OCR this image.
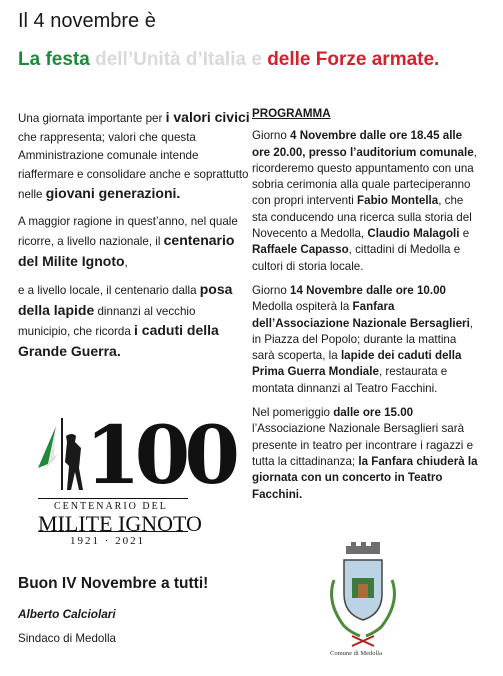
Il 4 novembre è
La festa dell’Unità d’Italia e delle Forze armate.

Una giornata importante per i valori civici che rappresenta; valori che questa Amministrazione comunale intende riaffermare e consolidare anche e soprattutto nelle giovani generazioni.

A maggior ragione in quest’anno, nel quale ricorre, a livello nazionale, il centenario del Milite Ignoto,

e a livello locale, il centenario dalla posa della lapide dinnanzi al vecchio municipio, che ricorda i caduti della Grande Guerra.

PROGRAMMA

Giorno 4 Novembre dalle ore 18.45 alle ore 20.00, presso l’auditorium comunale, ricorderemo questo appuntamento con una sobria cerimonia alla quale parteciperanno con propri interventi Fabio Montella, che sta conducendo una ricerca sulla storia del Novecento a Medolla, Claudio Malagoli e Raffaele Capasso, cittadini di Medolla e cultori di storia locale.

Giorno 14 Novembre dalle ore 10.00 Medolla ospiterà la Fanfara dell’Associazione Nazionale Bersaglieri, in Piazza del Popolo; durante la mattina sarà scoperta, la lapide dei caduti della Prima Guerra Mondiale, restaurata e montata dinnanzi al Teatro Facchini.

Nel pomeriggio dalle ore 15.00 l’Associazione Nazionale Bersaglieri sarà presente in teatro per incontrare i ragazzi e tutta la cittadinanza; la Fanfara chiuderà la giornata con un concerto in Teatro Facchini.

100
CENTENARIO DEL
MILITE IGNOTO
1921 · 2021
Buon IV Novembre a tutti!
Alberto Calciolari
Sindaco di Medolla
Comune di Medolla
